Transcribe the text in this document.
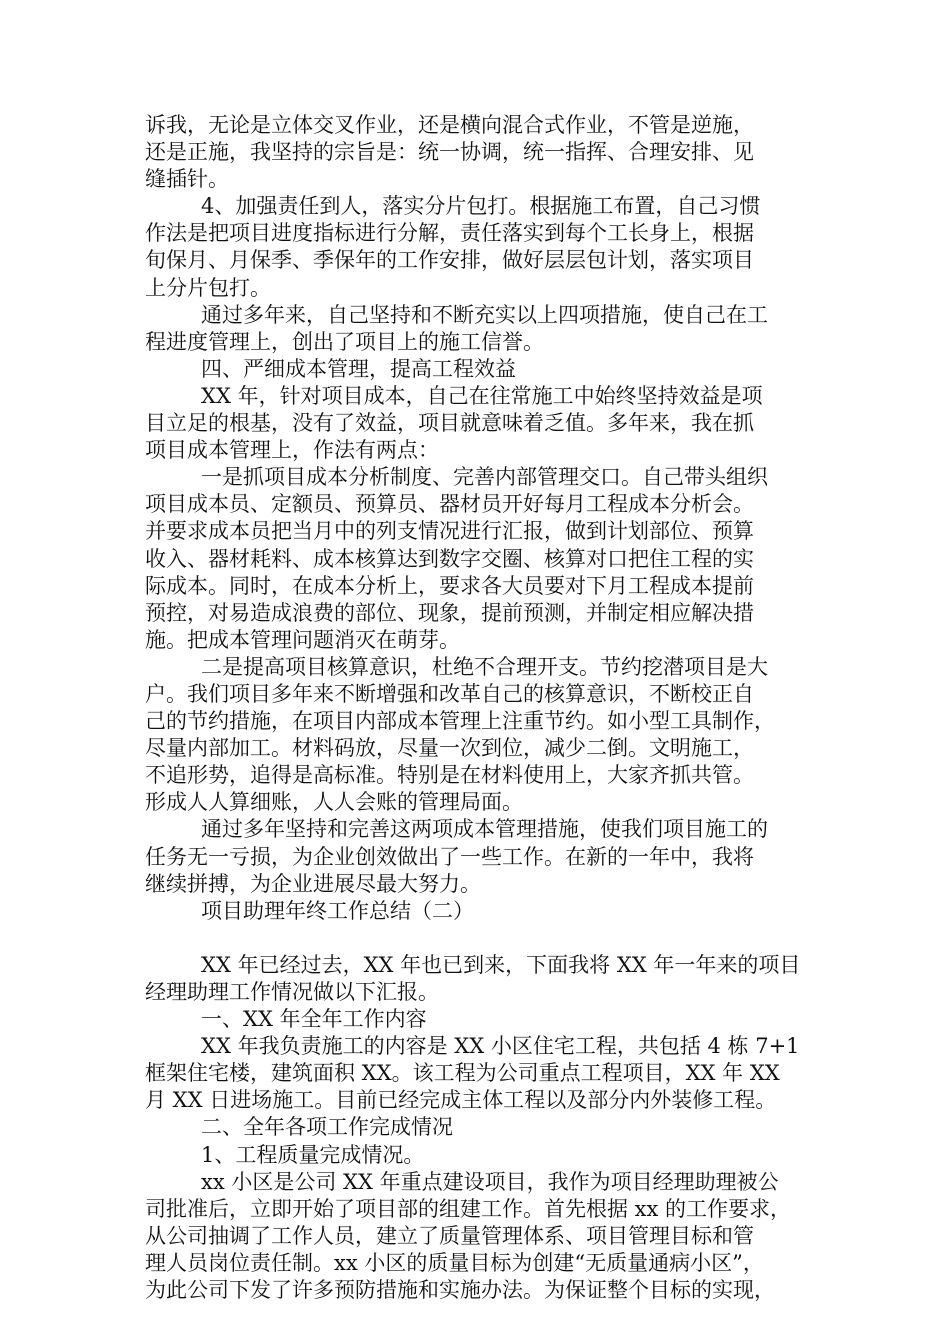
诉我，无论是立体交叉作业，还是横向混合式作业，不管是逆施，
还是正施，我坚持的宗旨是：统一协调，统一指挥、合理安排、见
缝插针。
4、加强责任到人，落实分片包打。根据施工布置，自己习惯
作法是把项目进度指标进行分解，责任落实到每个工长身上，根据
旬保月、月保季、季保年的工作安排，做好层层包计划，落实项目
上分片包打。
通过多年来，自己坚持和不断充实以上四项措施，使自己在工
程进度管理上，创出了项目上的施工信誉。
四、严细成本管理，提高工程效益
XX 年，针对项目成本，自己在往常施工中始终坚持效益是项
目立足的根基，没有了效益，项目就意味着乏值。多年来，我在抓
项目成本管理上，作法有两点：
一是抓项目成本分析制度、完善内部管理交口。自己带头组织
项目成本员、定额员、预算员、器材员开好每月工程成本分析会。
并要求成本员把当月中的列支情况进行汇报，做到计划部位、预算
收入、器材耗料、成本核算达到数字交圈、核算对口把住工程的实
际成本。同时，在成本分析上，要求各大员要对下月工程成本提前
预控，对易造成浪费的部位、现象，提前预测，并制定相应解决措
施。把成本管理问题消灭在萌芽。
二是提高项目核算意识，杜绝不合理开支。节约挖潜项目是大
户。我们项目多年来不断增强和改革自己的核算意识，不断校正自
己的节约措施，在项目内部成本管理上注重节约。如小型工具制作，
尽量内部加工。材料码放，尽量一次到位，减少二倒。文明施工，
不追形势，追得是高标准。特别是在材料使用上，大家齐抓共管。
形成人人算细账，人人会账的管理局面。
通过多年坚持和完善这两项成本管理措施，使我们项目施工的
任务无一亏损，为企业创效做出了一些工作。在新的一年中，我将
继续拼搏，为企业进展尽最大努力。
项目助理年终工作总结（二）
XX 年已经过去，XX 年也已到来，下面我将 XX 年一年来的项目
经理助理工作情况做以下汇报。
一、XX 年全年工作内容
XX 年我负责施工的内容是 XX 小区住宅工程，共包括 4 栋 7+1
框架住宅楼，建筑面积 XX。该工程为公司重点工程项目，XX 年 XX
月 XX 日进场施工。目前已经完成主体工程以及部分内外装修工程。
二、全年各项工作完成情况
1、工程质量完成情况。
xx 小区是公司 XX 年重点建设项目，我作为项目经理助理被公
司批准后，立即开始了项目部的组建工作。首先根据 xx 的工作要求，
从公司抽调了工作人员，建立了质量管理体系、项目管理目标和管
理人员岗位责任制。xx 小区的质量目标为创建“无质量通病小区”，
为此公司下发了许多预防措施和实施办法。为保证整个目标的实现，
